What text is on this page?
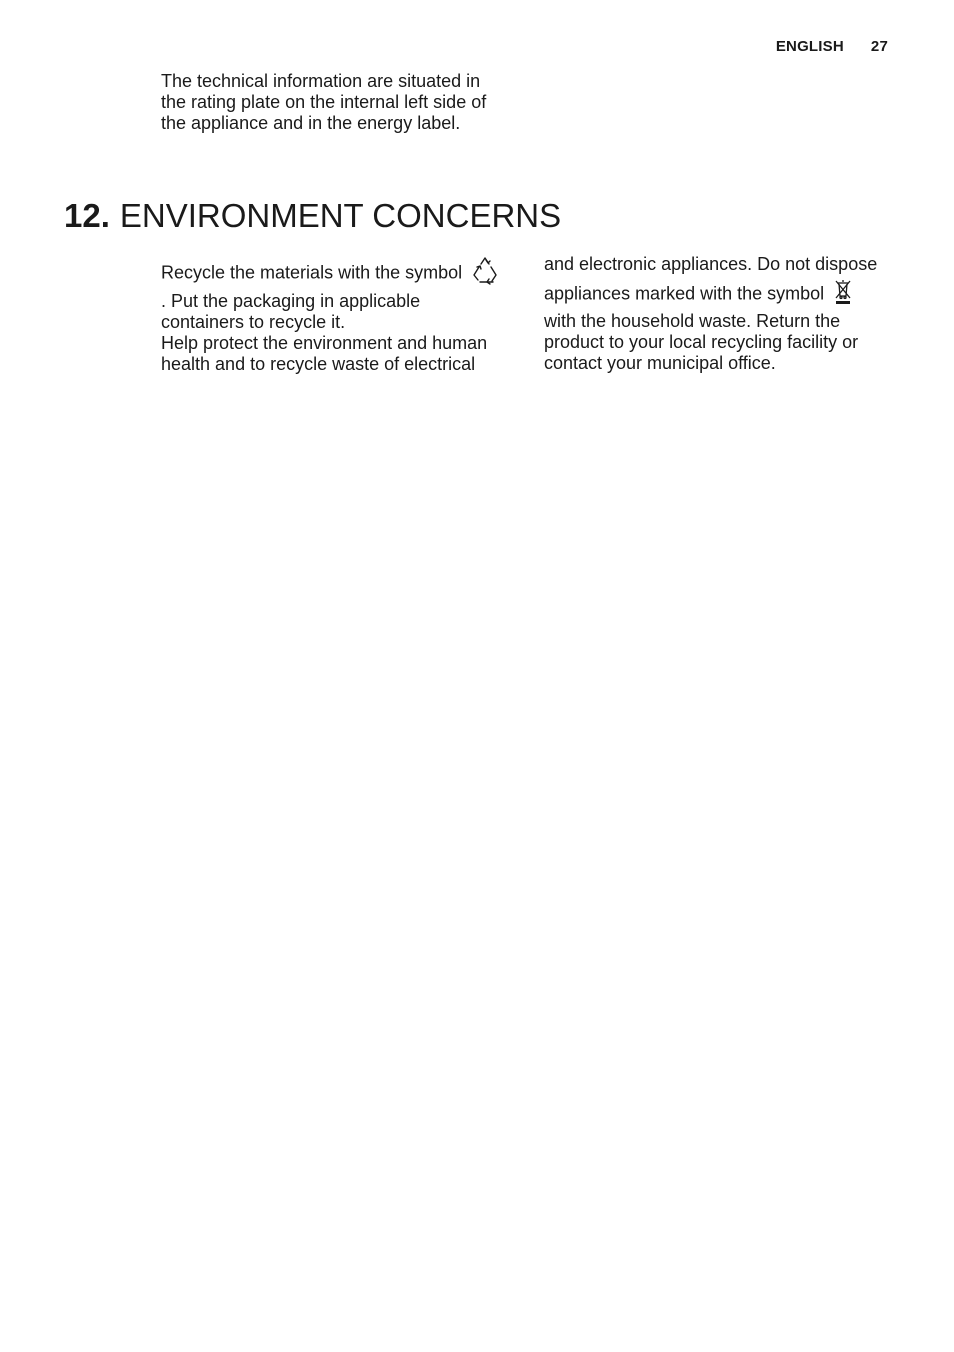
ENGLISH 27
The technical information are situated in
the rating plate on the internal left side of
the appliance and in the energy label.
12. ENVIRONMENT CONCERNS
Recycle the materials with the symbol
. Put the packaging in applicable
containers to recycle it.
Help protect the environment and human
health and to recycle waste of electrical
and electronic appliances. Do not dispose
appliances marked with the symbol
with the household waste. Return the
product to your local recycling facility or
contact your municipal office.
